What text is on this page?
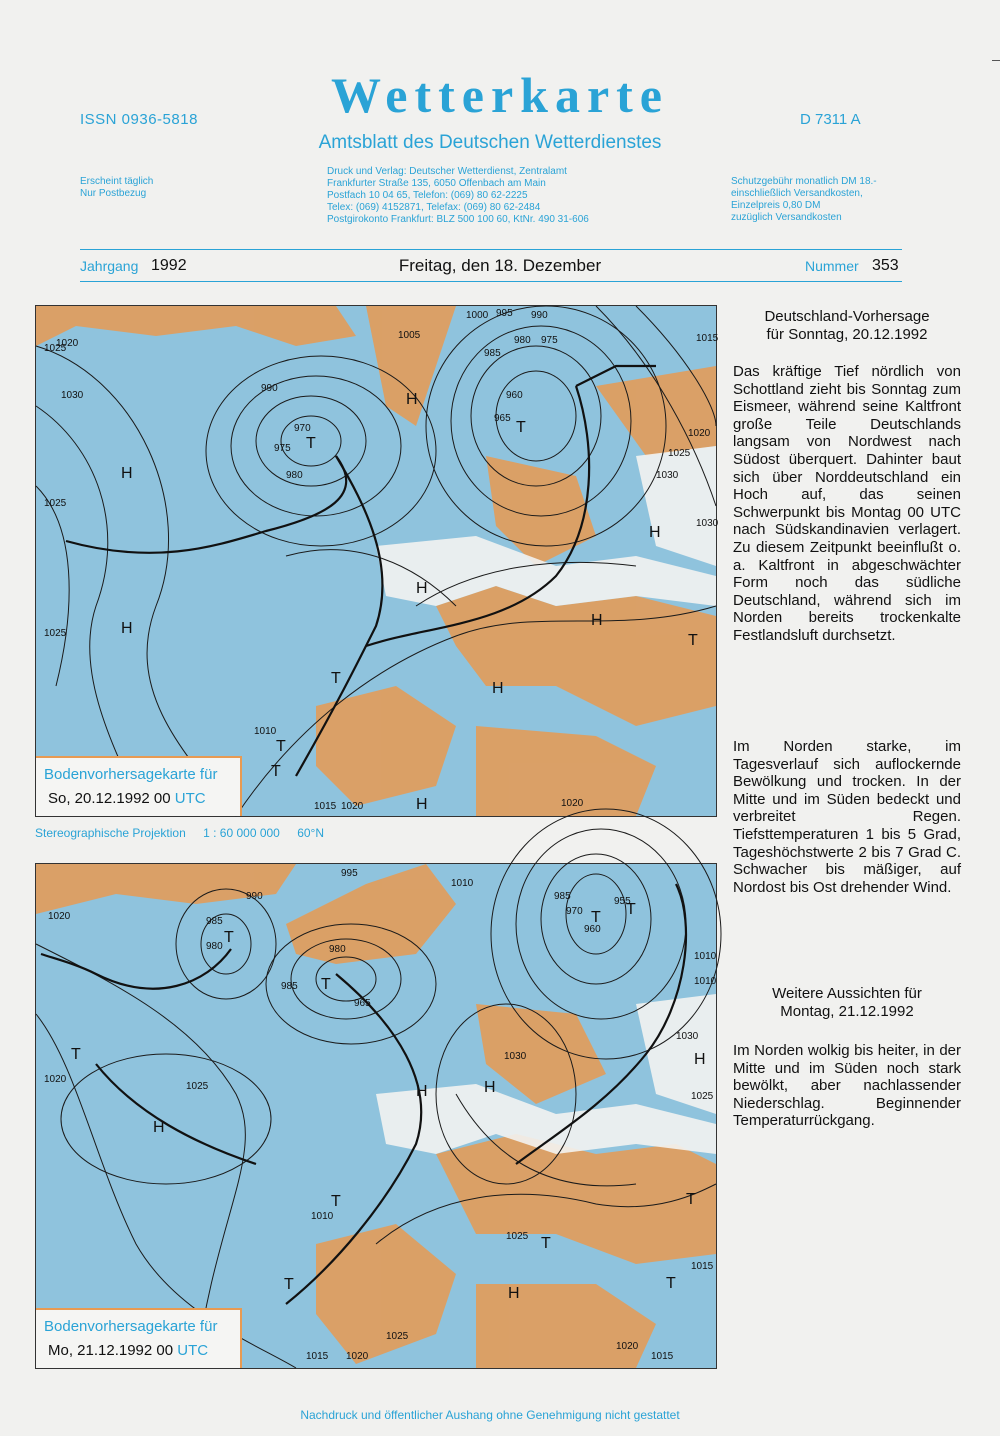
ISSN 0936-5818	Wetterkarte
Amtsblatt des Deutschen Wetterdienstes
D 7311 A
Erscheint täglich
Nur Postbezug
Druck und Verlag: Deutscher Wetterdienst, Zentralamt
Frankfurter Straße 135, 6050 Offenbach am Main
Postfach 10 04 65, Telefon: (069) 80 62-2225
Telex: (069) 4152871, Telefax: (069) 80 62-2484
Postgirokonto Frankfurt: BLZ 500 100 60, KtNr. 490 31-606
Schutzgebühr monatlich DM 18.-
einschließlich Versandkosten,
Einzelpreis 0,80 DM
zuzüglich Versandkosten
Jahrgang 1992	Freitag, den 18. Dezember	Nummer 353
H
H
H
H
H
H
H
H
T
T
T
T
T
T
1020
1025
1030
990
970
975
980
1005
1000 995 990
975
980
985
960
965
1015
1020
1025
1030
1030
1025
1025
1010
1015 1020	1020
Bodenvorhersagekarte für
So, 20.12.1992 00 UTC
Stereographische Projektion 1 : 60 000 000 60°N
H
H
H
H
H
T
T
T
T
T
T
T
T
T
T
1020
990
985
980
995
1010
985
980
965
985
970
960
955
1020
1025
1010
1030
1025
1010
1010
1030
1025
1015
1015 1020
1025
1020
1015
Bodenvorhersagekarte für
Mo, 21.12.1992 00 UTC
Deutschland-Vorhersage
für Sonntag, 20.12.1992

Das kräftige Tief nördlich von Schottland zieht bis Sonntag zum Eismeer, während seine Kaltfront große Teile Deutschlands langsam von Nordwest nach Südost überquert. Dahinter baut sich über Norddeutschland ein Hoch auf, das seinen Schwerpunkt bis Montag 00 UTC nach Südskandinavien verlagert. Zu diesem Zeitpunkt beeinflußt o. a. Kaltfront in abgeschwächter Form noch das südliche Deutschland, während sich im Norden bereits trockenkalte Festlandsluft durchsetzt.

Im Norden starke, im Tagesverlauf sich auflockernde Bewölkung und trocken. In der Mitte und im Süden bedeckt und verbreitet Regen. Tiefsttemperaturen 1 bis 5 Grad, Tageshöchstwerte 2 bis 7 Grad C. Schwacher bis mäßiger, auf Nordost bis Ost drehender Wind.

Weitere Aussichten für
Montag, 21.12.1992

Im Norden wolkig bis heiter, in der Mitte und im Süden noch stark bewölkt, aber nachlassender Niederschlag. Beginnender Temperaturrückgang.

Nachdruck und öffentlicher Aushang ohne Genehmigung nicht gestattet
